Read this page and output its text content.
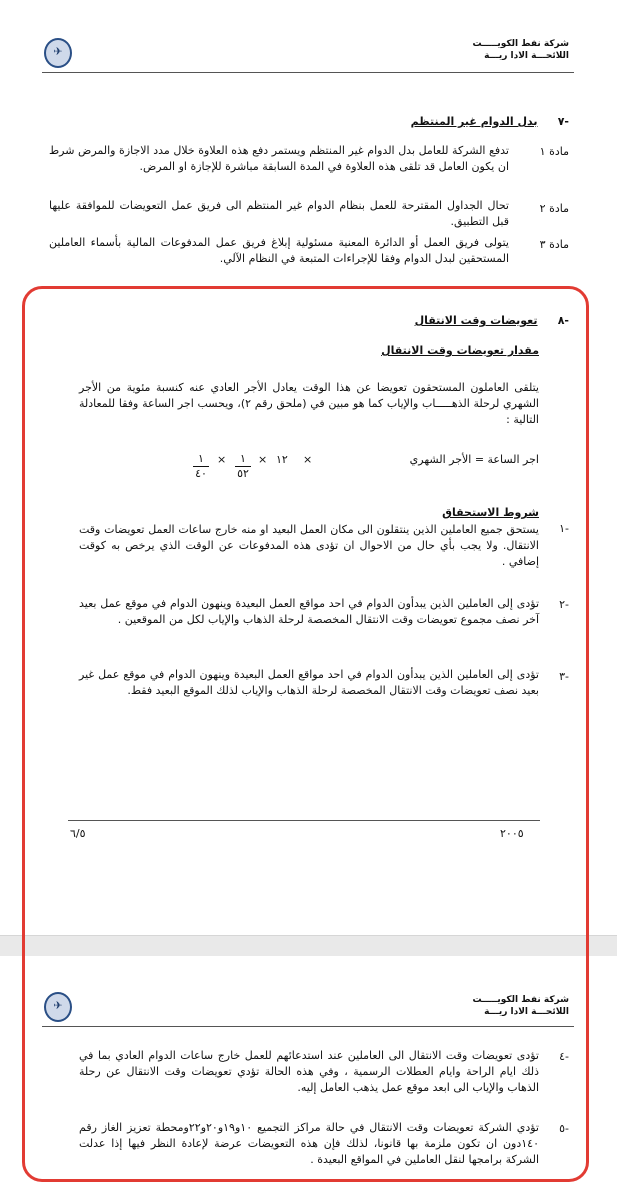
✈
شركة نفط الكويـــــت
اللائحـــة الادا ريـــة
-٧  بدل الدوام غير المنتظم
مادة ١
تدفع الشركة للعامل بدل الدوام غير المنتظم ويستمر دفع هذه العلاوة خلال مدد الاجازة والمرض شرط ان يكون العامل قد تلقى هذه العلاوة في المدة السابقة مباشرة للإجازة او المرض.
مادة ٢
تحال الجداول المقترحة للعمل بنظام الدوام غير المنتظم الى فريق عمل التعويضات للموافقة عليها قبل التطبيق.
مادة ٣
يتولى فريق العمل أو الدائرة المعنية مسئولية إبلاغ فريق عمل المدفوعات المالية بأسماء العاملين المستحقين لبدل الدوام وفقا للإجراءات المتبعة في النظام الآلي.
-٨  تعويضات وقت الانتقال
مقدار تعويضات وقت الانتقال
يتلقى العاملون المستحقون تعويضا عن هذا الوقت يعادل الأجر العادي عنه كنسبة مئوية من الأجر الشهري لرحلة الذهـــــاب والإياب كما هو مبين في (ملحق رقم ٢)، ويحسب اجر الساعة وفقا للمعادلة التالية :
اجر الساعة = الأجر الشهري
×
١٢
×
١
٥٢
×
١
٤٠
شروط الاستحقاق
-١
يستحق جميع العاملين الذين ينتقلون الى مكان العمل البعيد او منه خارج ساعات العمل تعويضات وقت الانتقال. ولا يجب بأي حال من الاحوال ان تؤدى هذه المدفوعات عن الوقت الذي يرخص به كوقت إضافي .
-٢
تؤدى إلى العاملين الذين يبدأون الدوام في احد مواقع العمل البعيدة وينهون الدوام في موقع عمل بعيد آخر نصف مجموع تعويضات وقت الانتقال المخصصة لرحلة الذهاب والإياب لكل من الموقعين .
-٣
تؤدى إلى العاملين الذين يبدأون الدوام في احد مواقع العمل البعيدة وينهون الدوام في موقع عمل غير بعيد نصف تعويضات وقت الانتقال المخصصة لرحلة الذهاب والإياب لذلك الموقع البعيد فقط.
٦/٥	٢٠٠٥
✈	شركة نفط الكويـــــت
اللائحـــة الادا ريـــة
-٤
تؤدى تعويضات وقت الانتقال الى العاملين عند استدعائهم للعمل خارج ساعات الدوام العادي بما في ذلك ايام الراحة وايام العطلات الرسمية ، وفي هذه الحالة تؤدي تعويضات وقت الانتقال عن رحلة الذهاب والإياب الى ابعد موقع عمل يذهب العامل إليه.
-٥
تؤدي الشركة تعويضات وقت الانتقال في حالة مراكز التجميع ١٠و١٩و٢٠و٢٢ومحطة تعزيز الغاز رقم ١٤٠دون ان تكون ملزمة بها قانونا، لذلك فإن هذه التعويضات عرضة لإعادة النظر فيها إذا عدلت الشركة برامجها لنقل العاملين في المواقع البعيدة .
